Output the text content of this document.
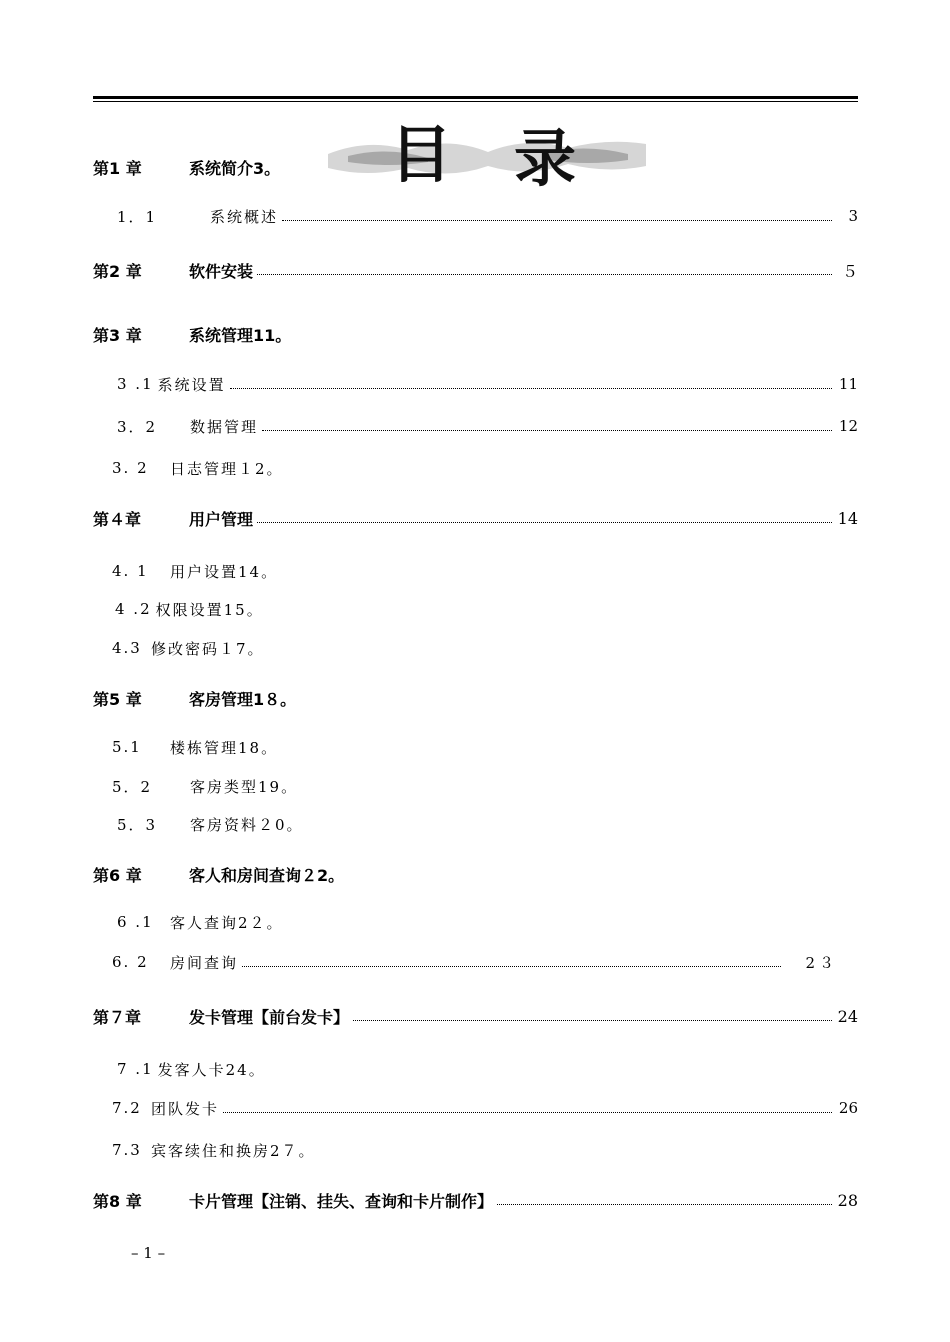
目 录
第1 章	系统简介3。
1．1	系统概述	3
第2 章	软件安装	５
第3 章	系统管理11。
3 .1 系统设置	11
3．2	数据管理	12
3. 2	日志管理１2。
第４章	用户管理	14
4. 1	用户设置14。
4 .2 权限设置15。
4.3 修改密码１7。
第5 章	客房管理1８。
5.1	楼栋管理18。
5．2	客房类型19。
5．3	客房资料２0。
第6 章	客人和房间查询２2。
6 .1	客人查询2２。
6. 2	房间查询	2３
第７章	发卡管理【前台发卡】	24
7 .1 发客人卡24。
7.2 团队发卡	26
7.3 宾客续住和换房2７。
第8 章	卡片管理【注销、挂失、查询和卡片制作】	28
– 1 –
